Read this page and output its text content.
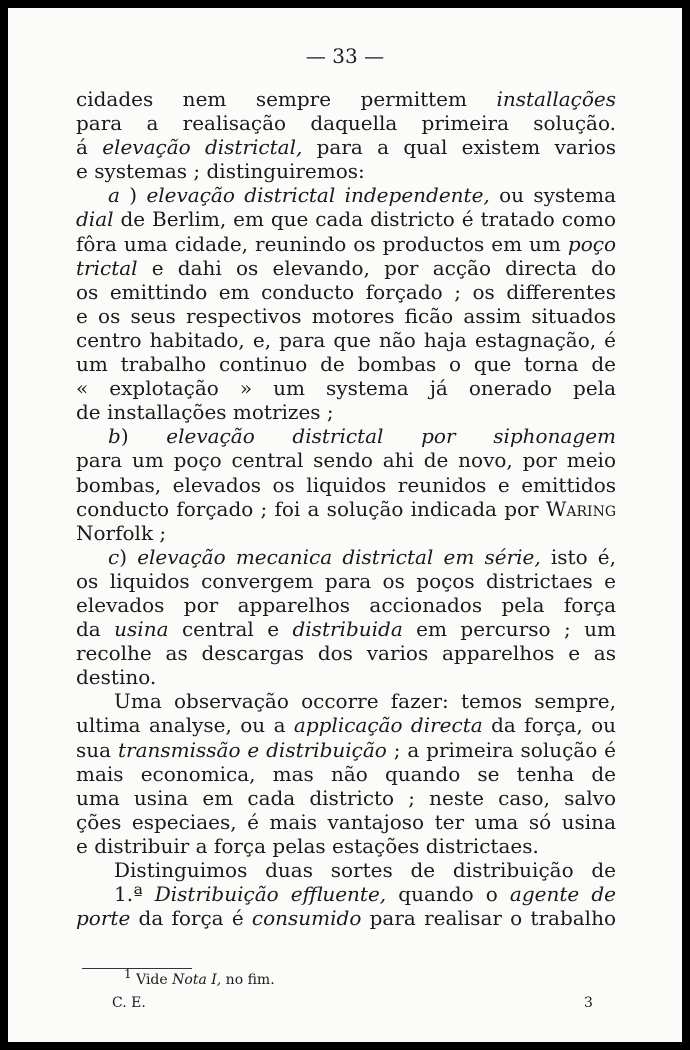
— 33 —
cidades nem sempre permittem installações
para a realisação daquella primeira solução.
á elevação districtal, para a qual existem varios
e systemas ; distinguiremos:
a ) elevação districtal independente, ou systema
dial de Berlim, em que cada districto é tratado como
fôra uma cidade, reunindo os productos em um poço
trictal e dahi os elevando, por acção directa do
os emittindo em conducto forçado ; os differentes
e os seus respectivos motores ficão assim situados
centro habitado, e, para que não haja estagnação, é
um trabalho continuo de bombas o que torna de
« explotação » um systema já onerado pela
de installações motrizes ;
b) elevação districtal por siphonagem
para um poço central sendo ahi de novo, por meio
bombas, elevados os liquidos reunidos e emittidos
conducto forçado ; foi a solução indicada por Waring
Norfolk ;
c) elevação mecanica districtal em série, isto é,
os liquidos convergem para os poços districtaes e
elevados por apparelhos accionados pela força
da usina central e distribuida em percurso ; um
recolhe as descargas dos varios apparelhos e as
destino.
Uma observação occorre fazer: temos sempre,
ultima analyse, ou a applicação directa da força, ou
sua transmissão e distribuição ; a primeira solução é
mais economica, mas não quando se tenha de
uma usina em cada districto ; neste caso, salvo
ções especiaes, é mais vantajoso ter uma só usina
e distribuir a força pelas estações districtaes.
Distinguimos duas sortes de distribuição de
1.ª Distribuição effluente, quando o agente de
porte da força é consumido para realisar o trabalho
$^1$ Vide Nota I, no fim.
C. E.	3
